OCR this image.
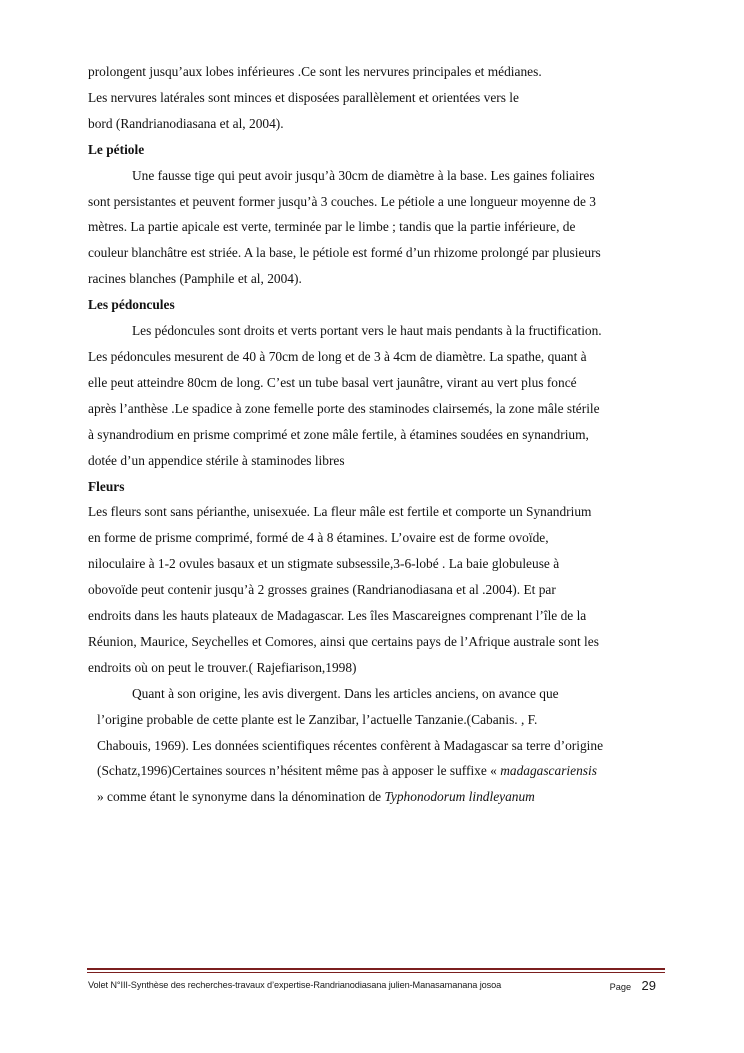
prolongent jusqu’aux lobes inférieures .Ce sont les nervures principales et médianes.
Les nervures latérales sont minces et disposées parallèlement et orientées vers le
bord (Randrianodiasana et al, 2004).
Le pétiole
Une fausse tige qui peut avoir jusqu’à 30cm de diamètre à la base. Les gaines foliaires
sont persistantes et peuvent former jusqu’à 3 couches. Le pétiole a une longueur moyenne de 3
mètres. La partie apicale est verte, terminée par le limbe ; tandis que la partie inférieure, de
couleur blanchâtre est striée. A la base, le pétiole est formé d’un rhizome prolongé par plusieurs
racines blanches (Pamphile et al, 2004).
Les pédoncules
Les pédoncules sont droits et verts portant vers le haut mais pendants à la fructification.
Les pédoncules mesurent de 40 à 70cm de long et de 3 à 4cm de diamètre. La spathe, quant à
elle peut atteindre 80cm de long. C’est un tube basal vert jaunâtre, virant au vert plus foncé
après l’anthèse .Le spadice à zone femelle porte des staminodes clairsemés, la zone mâle stérile
à synandrodium en prisme comprimé et zone mâle fertile, à étamines soudées en synandrium,
dotée d’un appendice stérile à staminodes libres
Fleurs
Les fleurs sont sans périanthe, unisexuée. La fleur mâle est fertile et comporte un Synandrium
en forme de prisme comprimé, formé de 4 à 8 étamines. L’ovaire est de forme ovoïde,
niloculaire à 1-2 ovules basaux et un stigmate subsessile,3-6-lobé . La baie globuleuse à
obovoïde peut contenir jusqu’à 2 grosses graines (Randrianodiasana et al .2004). Et par
endroits dans les hauts plateaux de Madagascar. Les îles Mascareignes comprenant l’île de la
Réunion, Maurice, Seychelles et Comores, ainsi que certains pays de l’Afrique australe sont les
endroits où on peut le trouver.( Rajefiarison,1998)
Quant à son origine, les avis divergent. Dans les articles anciens, on avance que
l’origine probable de cette plante est le Zanzibar, l’actuelle Tanzanie.(Cabanis. , F.
Chabouis, 1969). Les données scientifiques récentes confèrent à Madagascar sa terre d’origine
(Schatz,1996)Certaines sources n’hésitent même pas à apposer le suffixe « madagascariensis
» comme étant le synonyme dans la dénomination de Typhonodorum lindleyanum
Volet N°III-Synthèse des recherches-travaux d’expertise-Randrianodiasana julien-Manasamanana josoa	Page 29
